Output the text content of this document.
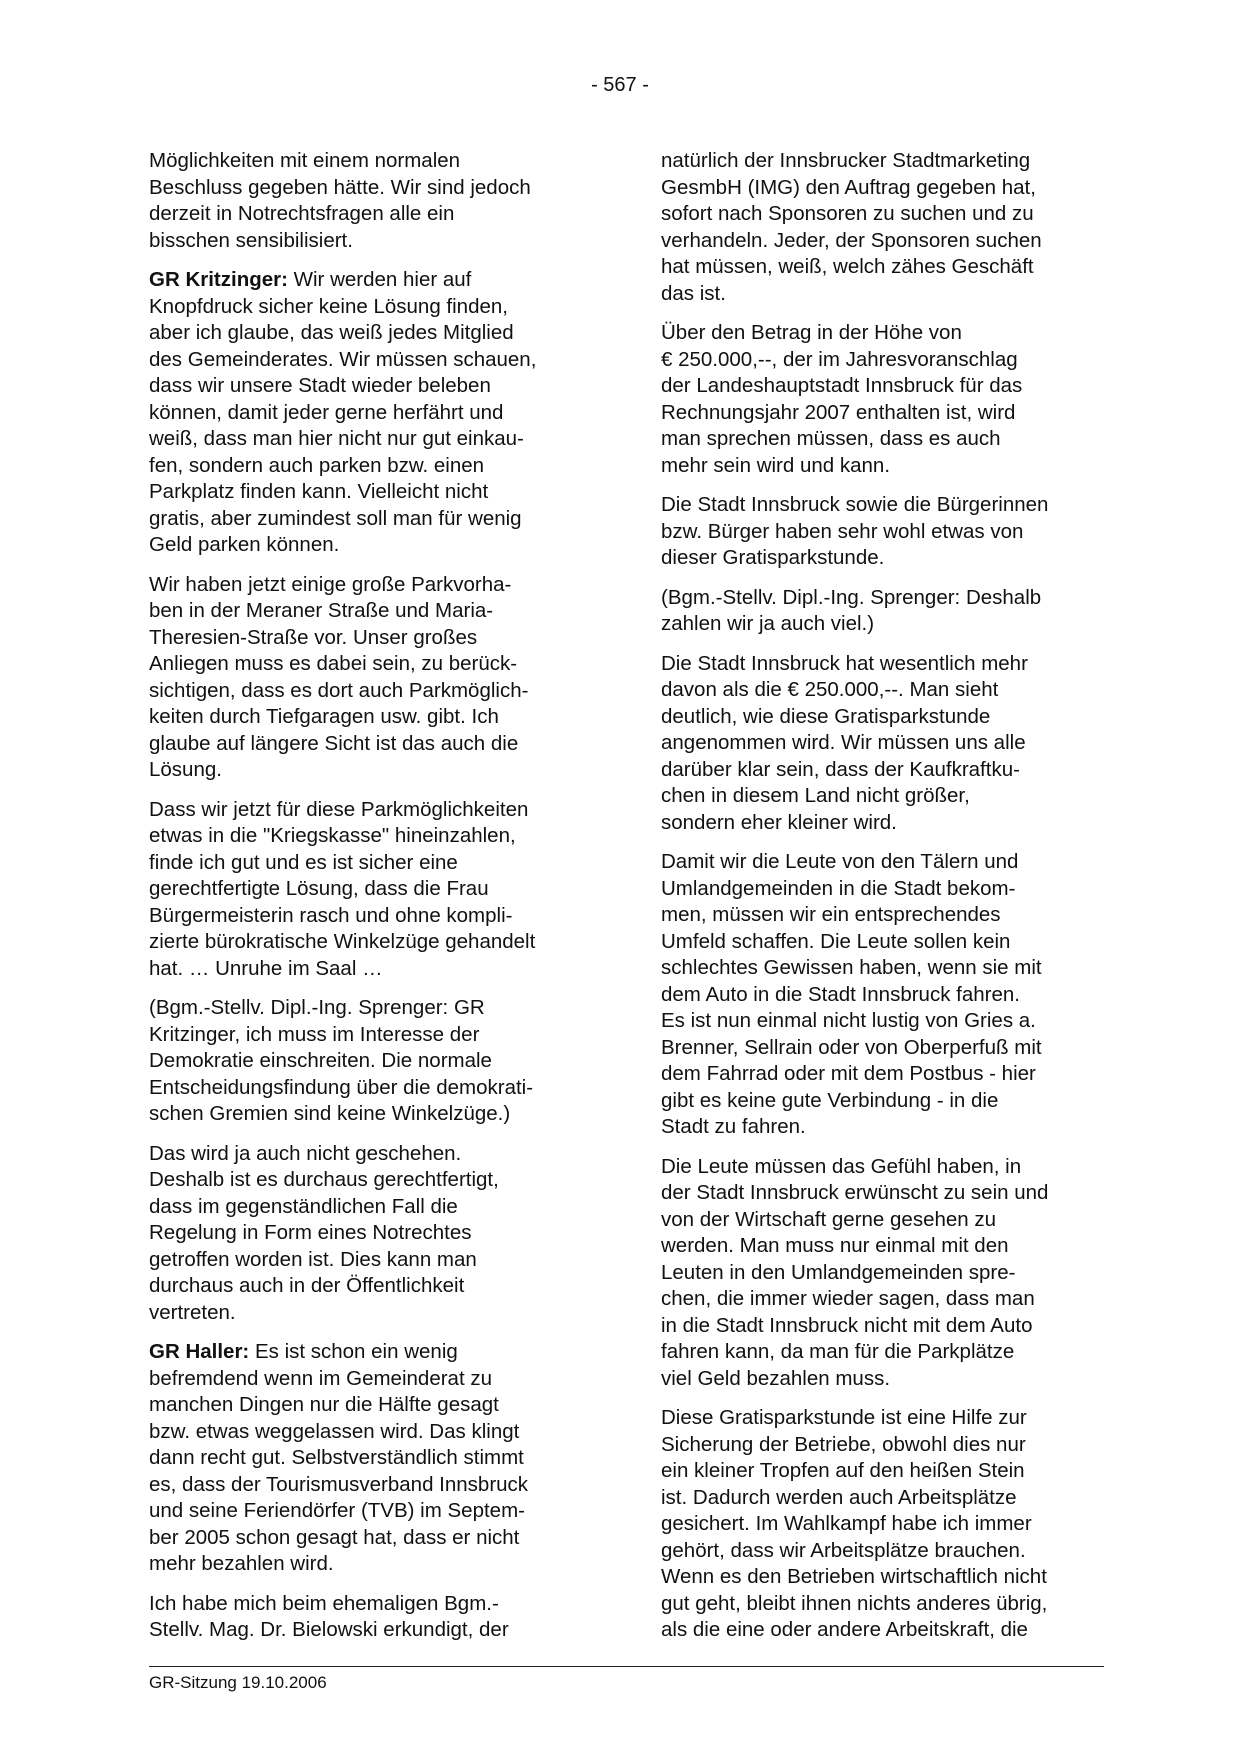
- 567 -

Möglichkeiten mit einem normalen
Beschluss gegeben hätte. Wir sind jedoch
derzeit in Notrechtsfragen alle ein
bisschen sensibilisiert.

GR Kritzinger: Wir werden hier auf
Knopfdruck sicher keine Lösung finden,
aber ich glaube, das weiß jedes Mitglied
des Gemeinderates. Wir müssen schauen,
dass wir unsere Stadt wieder beleben
können, damit jeder gerne herfährt und
weiß, dass man hier nicht nur gut einkau-
fen, sondern auch parken bzw. einen
Parkplatz finden kann. Vielleicht nicht
gratis, aber zumindest soll man für wenig
Geld parken können.

Wir haben jetzt einige große Parkvorha-
ben in der Meraner Straße und Maria-
Theresien-Straße vor. Unser großes
Anliegen muss es dabei sein, zu berück-
sichtigen, dass es dort auch Parkmöglich-
keiten durch Tiefgaragen usw. gibt. Ich
glaube auf längere Sicht ist das auch die
Lösung.

Dass wir jetzt für diese Parkmöglichkeiten
etwas in die "Kriegskasse" hineinzahlen,
finde ich gut und es ist sicher eine
gerechtfertigte Lösung, dass die Frau
Bürgermeisterin rasch und ohne kompli-
zierte bürokratische Winkelzüge gehandelt
hat. … Unruhe im Saal …

(Bgm.-Stellv. Dipl.-Ing. Sprenger: GR
Kritzinger, ich muss im Interesse der
Demokratie einschreiten. Die normale
Entscheidungsfindung über die demokrati-
schen Gremien sind keine Winkelzüge.)

Das wird ja auch nicht geschehen.
Deshalb ist es durchaus gerechtfertigt,
dass im gegenständlichen Fall die
Regelung in Form eines Notrechtes
getroffen worden ist. Dies kann man
durchaus auch in der Öffentlichkeit
vertreten.

GR Haller: Es ist schon ein wenig
befremdend wenn im Gemeinderat zu
manchen Dingen nur die Hälfte gesagt
bzw. etwas weggelassen wird. Das klingt
dann recht gut. Selbstverständlich stimmt
es, dass der Tourismusverband Innsbruck
und seine Feriendörfer (TVB) im Septem-
ber 2005 schon gesagt hat, dass er nicht
mehr bezahlen wird.

Ich habe mich beim ehemaligen Bgm.-
Stellv. Mag. Dr. Bielowski erkundigt, der

natürlich der Innsbrucker Stadtmarketing
GesmbH (IMG) den Auftrag gegeben hat,
sofort nach Sponsoren zu suchen und zu
verhandeln. Jeder, der Sponsoren suchen
hat müssen, weiß, welch zähes Geschäft
das ist.

Über den Betrag in der Höhe von
€ 250.000,--, der im Jahresvoranschlag
der Landeshauptstadt Innsbruck für das
Rechnungsjahr 2007 enthalten ist, wird
man sprechen müssen, dass es auch
mehr sein wird und kann.

Die Stadt Innsbruck sowie die Bürgerinnen
bzw. Bürger haben sehr wohl etwas von
dieser Gratisparkstunde.

(Bgm.-Stellv. Dipl.-Ing. Sprenger: Deshalb
zahlen wir ja auch viel.)

Die Stadt Innsbruck hat wesentlich mehr
davon als die € 250.000,--. Man sieht
deutlich, wie diese Gratisparkstunde
angenommen wird. Wir müssen uns alle
darüber klar sein, dass der Kaufkraftku-
chen in diesem Land nicht größer,
sondern eher kleiner wird.

Damit wir die Leute von den Tälern und
Umlandgemeinden in die Stadt bekom-
men, müssen wir ein entsprechendes
Umfeld schaffen. Die Leute sollen kein
schlechtes Gewissen haben, wenn sie mit
dem Auto in die Stadt Innsbruck fahren.
Es ist nun einmal nicht lustig von Gries a.
Brenner, Sellrain oder von Oberperfuß mit
dem Fahrrad oder mit dem Postbus - hier
gibt es keine gute Verbindung - in die
Stadt zu fahren.

Die Leute müssen das Gefühl haben, in
der Stadt Innsbruck erwünscht zu sein und
von der Wirtschaft gerne gesehen zu
werden. Man muss nur einmal mit den
Leuten in den Umlandgemeinden spre-
chen, die immer wieder sagen, dass man
in die Stadt Innsbruck nicht mit dem Auto
fahren kann, da man für die Parkplätze
viel Geld bezahlen muss.

Diese Gratisparkstunde ist eine Hilfe zur
Sicherung der Betriebe, obwohl dies nur
ein kleiner Tropfen auf den heißen Stein
ist. Dadurch werden auch Arbeitsplätze
gesichert. Im Wahlkampf habe ich immer
gehört, dass wir Arbeitsplätze brauchen.
Wenn es den Betrieben wirtschaftlich nicht
gut geht, bleibt ihnen nichts anderes übrig,
als die eine oder andere Arbeitskraft, die

GR-Sitzung 19.10.2006
